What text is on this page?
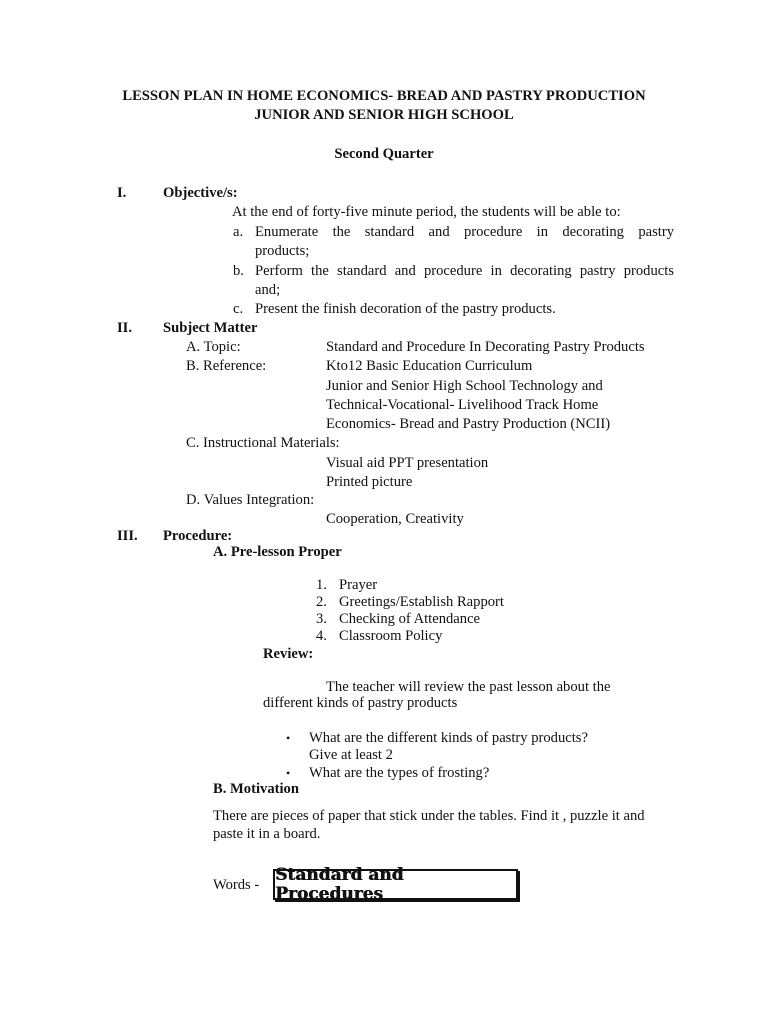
LESSON PLAN IN HOME ECONOMICS- BREAD AND PASTRY PRODUCTION
JUNIOR AND SENIOR HIGH SCHOOL
Second Quarter
I.	Objective/s:
At the end of forty-five minute period, the students will be able to:
a. Enumerate the standard and procedure in decorating pastry
products;
b. Perform the standard and procedure in decorating pastry products
and;
c. Present the finish decoration of the pastry products.
II. Subject Matter
A. Topic:	Standard and Procedure In Decorating Pastry Products
B. Reference:	Kto12 Basic Education Curriculum
Junior and Senior High School Technology and
Technical-Vocational- Livelihood Track Home
Economics- Bread and Pastry Production (NCII)
C. Instructional Materials:
Visual aid PPT presentation
Printed picture
D. Values Integration:
Cooperation, Creativity
III. Procedure:
A. Pre-lesson Proper
1. Prayer
2. Greetings/Establish Rapport
3. Checking of Attendance
4. Classroom Policy
Review:
The teacher will review the past lesson about the
different kinds of pastry products
• What are the different kinds of pastry products?
Give at least 2
• What are the types of frosting?
B. Motivation
There are pieces of paper that stick under the tables. Find it , puzzle it and
paste it in a board.
Words -
Standard and Procedures
